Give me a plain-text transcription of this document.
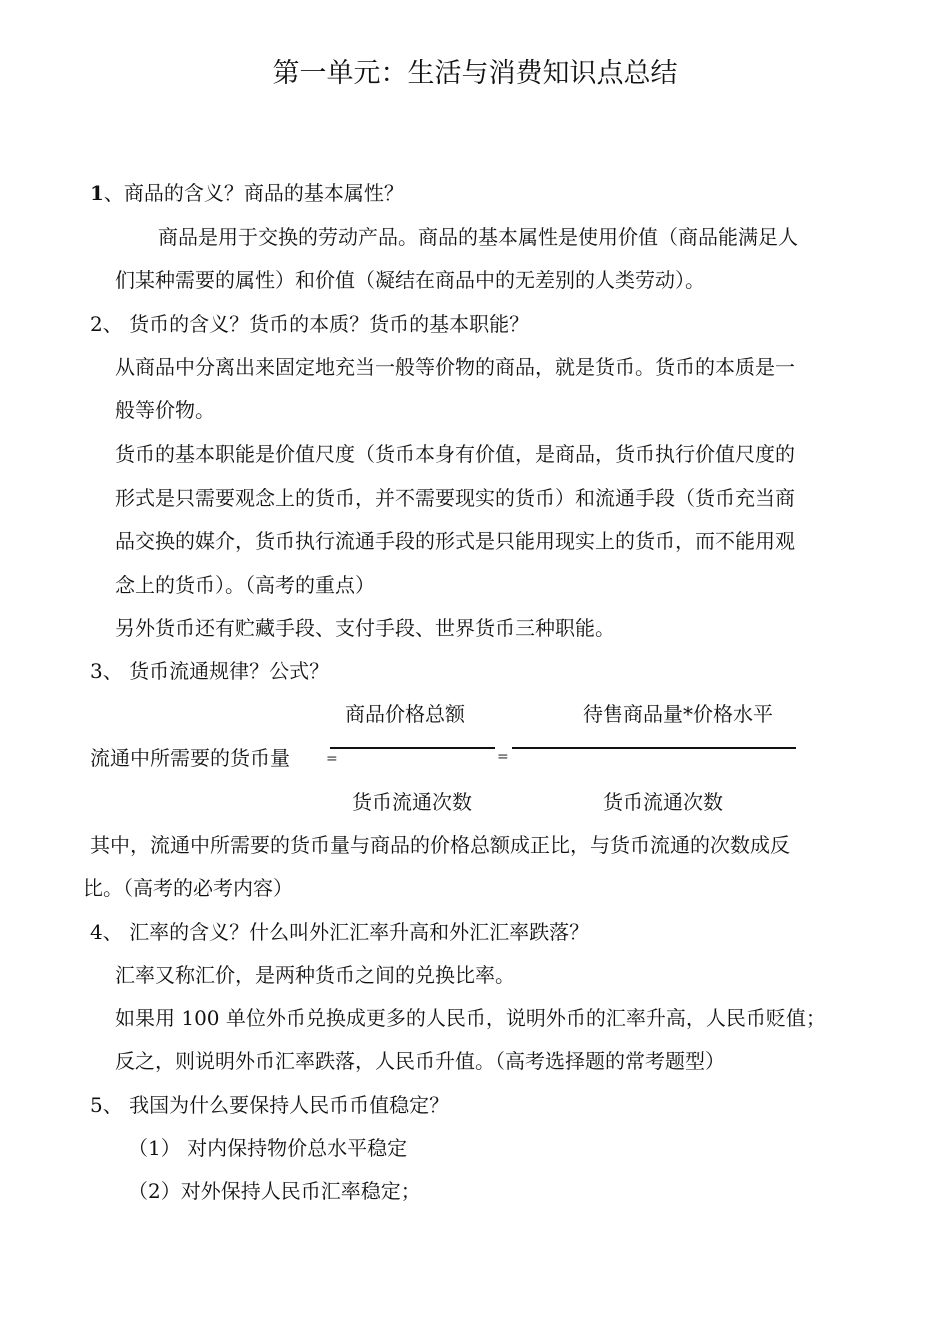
第一单元：生活与消费知识点总结
1、商品的含义？商品的基本属性？
商品是用于交换的劳动产品。商品的基本属性是使用价值（商品能满足人
们某种需要的属性）和价值（凝结在商品中的无差别的人类劳动）。
2、 货币的含义？货币的本质？货币的基本职能？
从商品中分离出来固定地充当一般等价物的商品，就是货币。货币的本质是一
般等价物。
货币的基本职能是价值尺度（货币本身有价值，是商品，货币执行价值尺度的
形式是只需要观念上的货币，并不需要现实的货币）和流通手段（货币充当商
品交换的媒介，货币执行流通手段的形式是只能用现实上的货币，而不能用观
念上的货币）。（高考的重点）
另外货币还有贮藏手段、支付手段、世界货币三种职能。
3、 货币流通规律？公式？
商品价格总额	待售商品量*价格水平
流通中所需要的货币量	=	=
货币流通次数	货币流通次数
其中，流通中所需要的货币量与商品的价格总额成正比，与货币流通的次数成反
比。（高考的必考内容）
4、 汇率的含义？什么叫外汇汇率升高和外汇汇率跌落？
汇率又称汇价，是两种货币之间的兑换比率。
如果用 100 单位外币兑换成更多的人民币，说明外币的汇率升高，人民币贬值；
反之，则说明外币汇率跌落，人民币升值。（高考选择题的常考题型）
5、 我国为什么要保持人民币币值稳定？
（1） 对内保持物价总水平稳定
（2）对外保持人民币汇率稳定；
